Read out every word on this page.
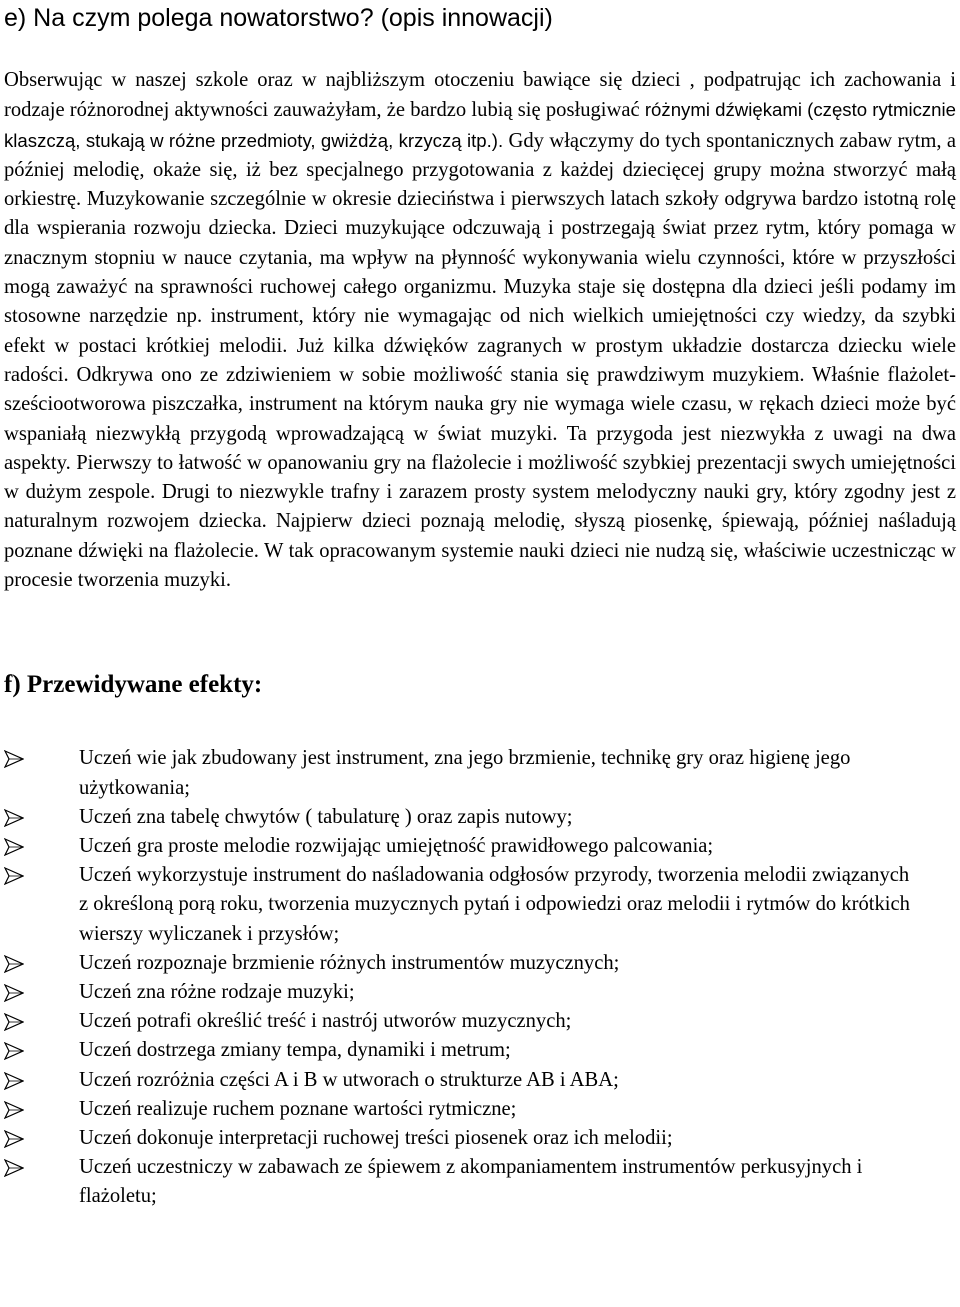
e) Na czym polega nowatorstwo? (opis innowacji)

Obserwując w naszej szkole oraz w najbliższym otoczeniu bawiące się dzieci , podpatrując ich zachowania i rodzaje różnorodnej aktywności zauważyłam, że bardzo lubią się posługiwać różnymi dźwiękami (często rytmicznie klaszczą, stukają w różne przedmioty, gwiżdżą, krzyczą itp.). Gdy włączymy do tych spontanicznych zabaw rytm, a później melodię, okaże się, iż bez specjalnego przygotowania z każdej dziecięcej grupy można stworzyć małą orkiestrę. Muzykowanie szczególnie w okresie dzieciństwa i pierwszych latach szkoły odgrywa bardzo istotną rolę dla wspierania rozwoju dziecka. Dzieci muzykujące odczuwają i postrzegają świat przez rytm, który pomaga w znacznym stopniu w nauce czytania, ma wpływ na płynność wykonywania wielu czynności, które w przyszłości mogą zaważyć na sprawności ruchowej całego organizmu. Muzyka staje się dostępna dla dzieci jeśli podamy im stosowne narzędzie np. instrument, który nie wymagając od nich wielkich umiejętności czy wiedzy, da szybki efekt w postaci krótkiej melodii. Już kilka dźwięków zagranych w prostym układzie dostarcza dziecku wiele radości. Odkrywa ono ze zdziwieniem w sobie możliwość stania się prawdziwym muzykiem. Właśnie flażolet- sześciootworowa piszczałka, instrument na którym nauka gry nie wymaga wiele czasu, w rękach dzieci może być wspaniałą niezwykłą przygodą wprowadzającą w świat muzyki. Ta przygoda jest niezwykła z uwagi na dwa aspekty. Pierwszy to łatwość w opanowaniu gry na flażolecie i możliwość szybkiej prezentacji swych umiejętności w dużym zespole. Drugi to niezwykle trafny i zarazem prosty system melodyczny nauki gry, który zgodny jest z naturalnym rozwojem dziecka. Najpierw dzieci poznają melodię, słyszą piosenkę, śpiewają, później naśladują poznane dźwięki na flażolecie. W tak opracowanym systemie nauki dzieci nie nudzą się, właściwie uczestnicząc w procesie tworzenia muzyki.

f) Przewidywane efekty:
Uczeń wie jak zbudowany jest instrument, zna jego brzmienie, technikę gry oraz higienę jego użytkowania;
Uczeń zna tabelę chwytów ( tabulaturę ) oraz zapis nutowy;
Uczeń gra proste melodie rozwijając umiejętność prawidłowego palcowania;
Uczeń wykorzystuje instrument do naśladowania odgłosów przyrody, tworzenia melodii związanych z określoną porą roku, tworzenia muzycznych pytań i odpowiedzi oraz melodii i rytmów do krótkich wierszy wyliczanek i przysłów;
Uczeń rozpoznaje brzmienie różnych instrumentów muzycznych;
Uczeń zna różne rodzaje muzyki;
Uczeń potrafi określić treść i nastrój utworów muzycznych;
Uczeń dostrzega zmiany tempa, dynamiki i metrum;
Uczeń rozróżnia części A i B w utworach o strukturze AB i ABA;
Uczeń realizuje ruchem poznane wartości rytmiczne;
Uczeń dokonuje interpretacji ruchowej treści piosenek oraz ich melodii;
Uczeń uczestniczy w zabawach ze śpiewem z akompaniamentem instrumentów perkusyjnych i flażoletu;
